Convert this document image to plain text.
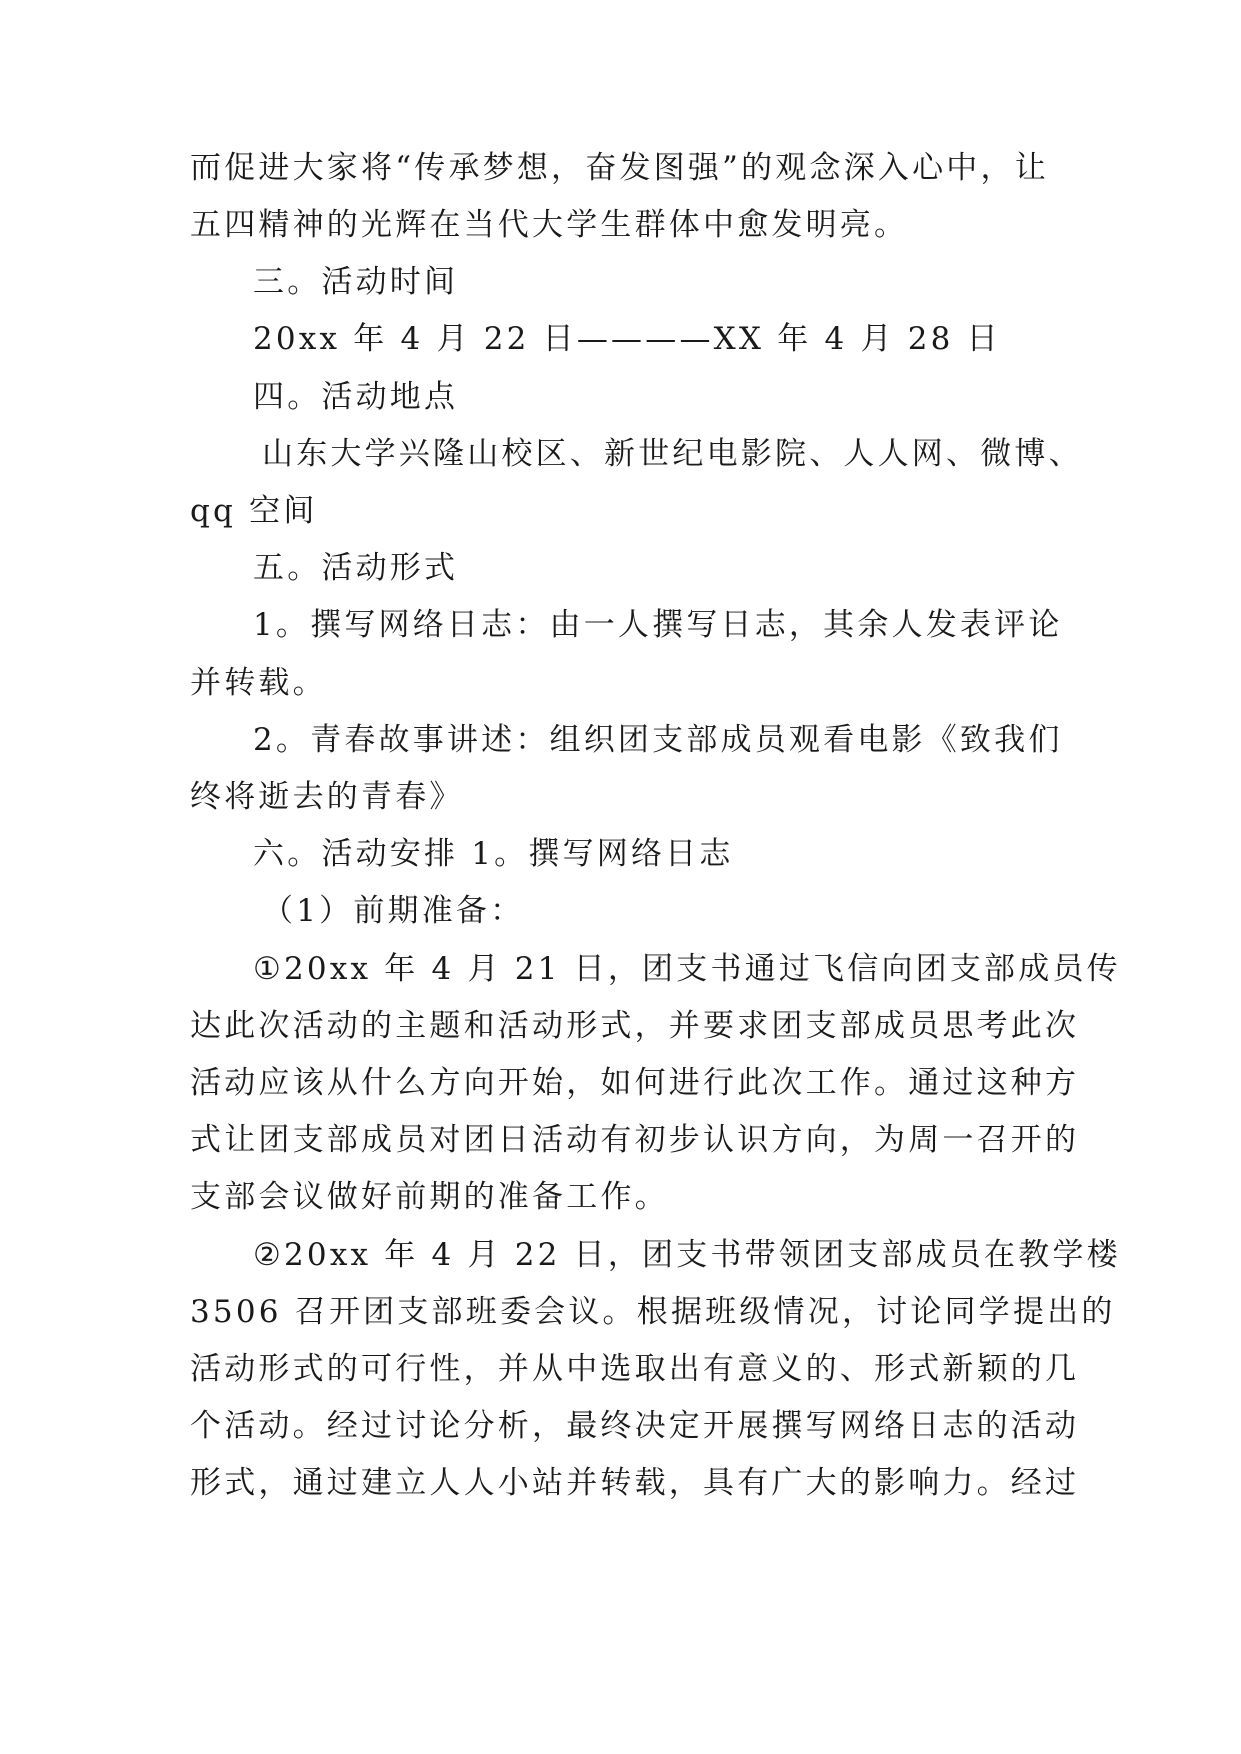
而促进大家将“传承梦想，奋发图强”的观念深入心中，让
五四精神的光辉在当代大学生群体中愈发明亮。
三。活动时间
20xx 年 4 月 22 日————XX 年 4 月 28 日
四。活动地点
山东大学兴隆山校区、新世纪电影院、人人网、微博、
qq 空间
五。活动形式
1。撰写网络日志：由一人撰写日志，其余人发表评论
并转载。
2。青春故事讲述：组织团支部成员观看电影《致我们
终将逝去的青春》
六。活动安排 1。撰写网络日志
（1）前期准备：
①20xx 年 4 月 21 日，团支书通过飞信向团支部成员传
达此次活动的主题和活动形式，并要求团支部成员思考此次
活动应该从什么方向开始，如何进行此次工作。通过这种方
式让团支部成员对团日活动有初步认识方向，为周一召开的
支部会议做好前期的准备工作。
②20xx 年 4 月 22 日，团支书带领团支部成员在教学楼
3506 召开团支部班委会议。根据班级情况，讨论同学提出的
活动形式的可行性，并从中选取出有意义的、形式新颖的几
个活动。经过讨论分析，最终决定开展撰写网络日志的活动
形式，通过建立人人小站并转载，具有广大的影响力。经过
